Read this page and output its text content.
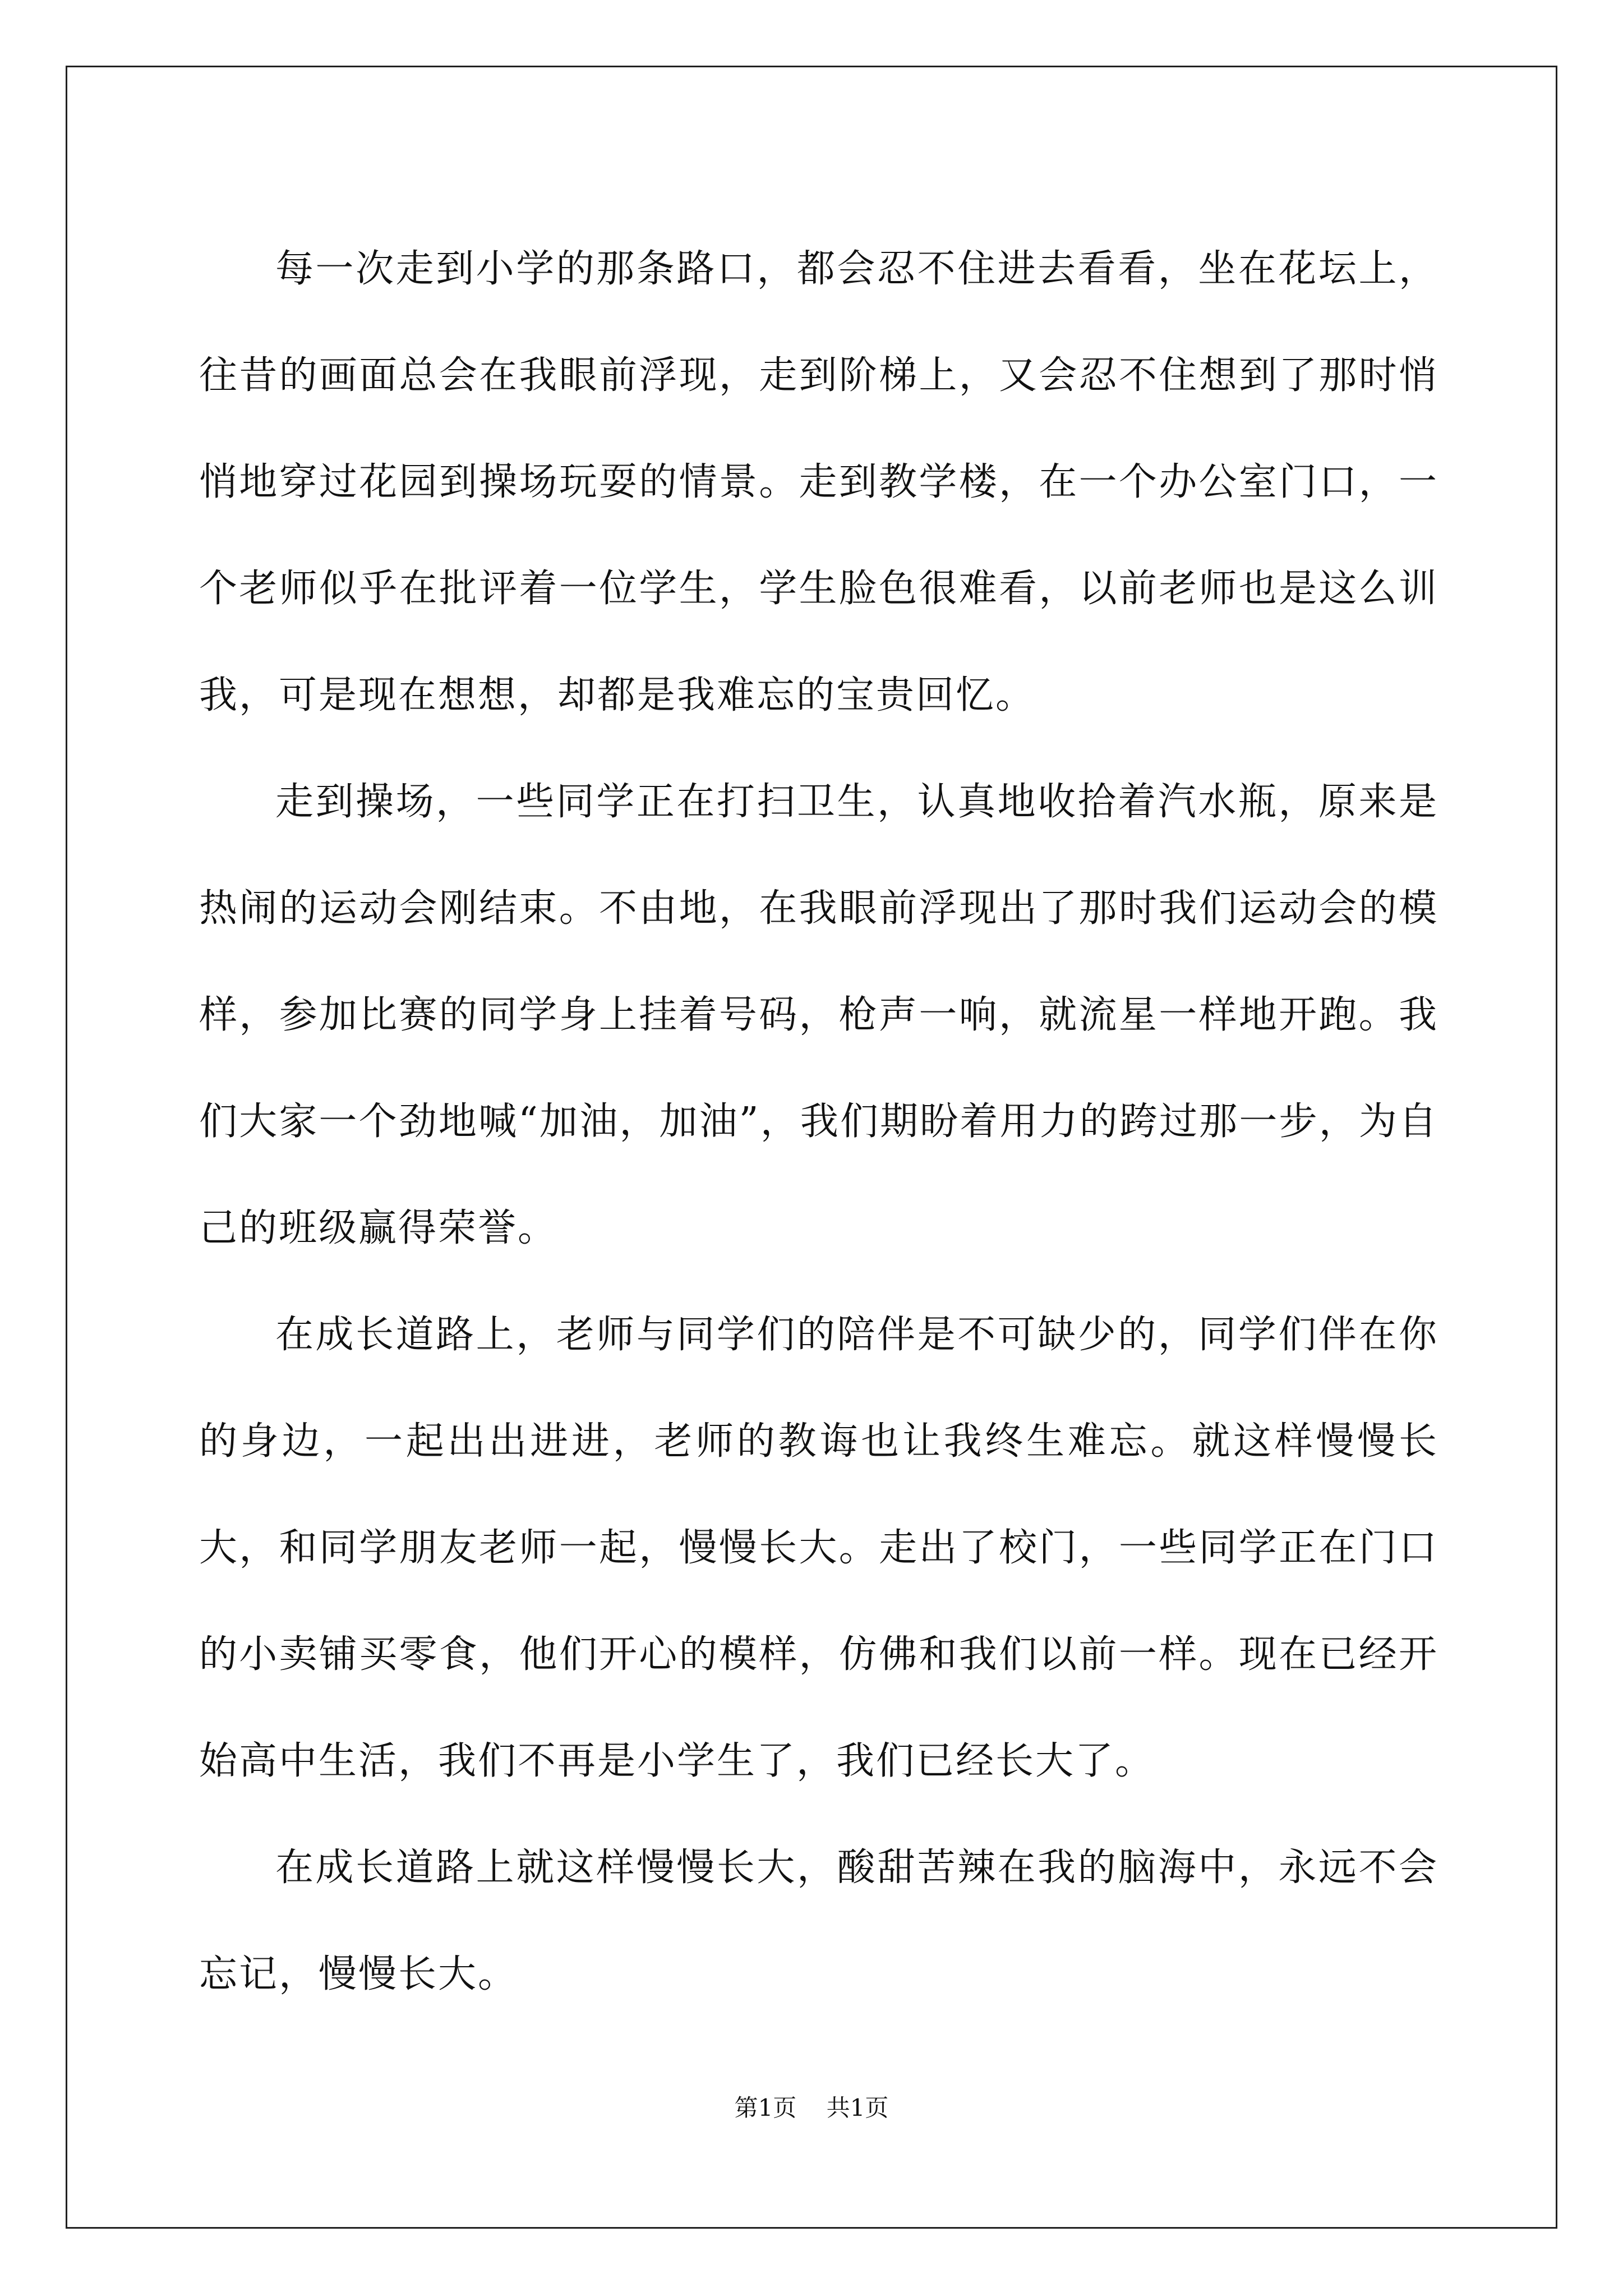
每一次走到小学的那条路口，都会忍不住进去看看，坐在花坛上，往昔的画面总会在我眼前浮现，走到阶梯上，又会忍不住想到了那时悄悄地穿过花园到操场玩耍的情景。走到教学楼，在一个办公室门口，一个老师似乎在批评着一位学生，学生脸色很难看，以前老师也是这么训我，可是现在想想，却都是我难忘的宝贵回忆。

走到操场，一些同学正在打扫卫生，认真地收拾着汽水瓶，原来是热闹的运动会刚结束。不由地，在我眼前浮现出了那时我们运动会的模样，参加比赛的同学身上挂着号码，枪声一响，就流星一样地开跑。我们大家一个劲地喊“加油，加油”，我们期盼着用力的跨过那一步，为自己的班级赢得荣誉。

在成长道路上，老师与同学们的陪伴是不可缺少的，同学们伴在你的身边，一起出出进进，老师的教诲也让我终生难忘。就这样慢慢长大，和同学朋友老师一起，慢慢长大。走出了校门，一些同学正在门口的小卖铺买零食，他们开心的模样，仿佛和我们以前一样。现在已经开始高中生活，我们不再是小学生了，我们已经长大了。

在成长道路上就这样慢慢长大，酸甜苦辣在我的脑海中，永远不会忘记，慢慢长大。

第1页 共1页
